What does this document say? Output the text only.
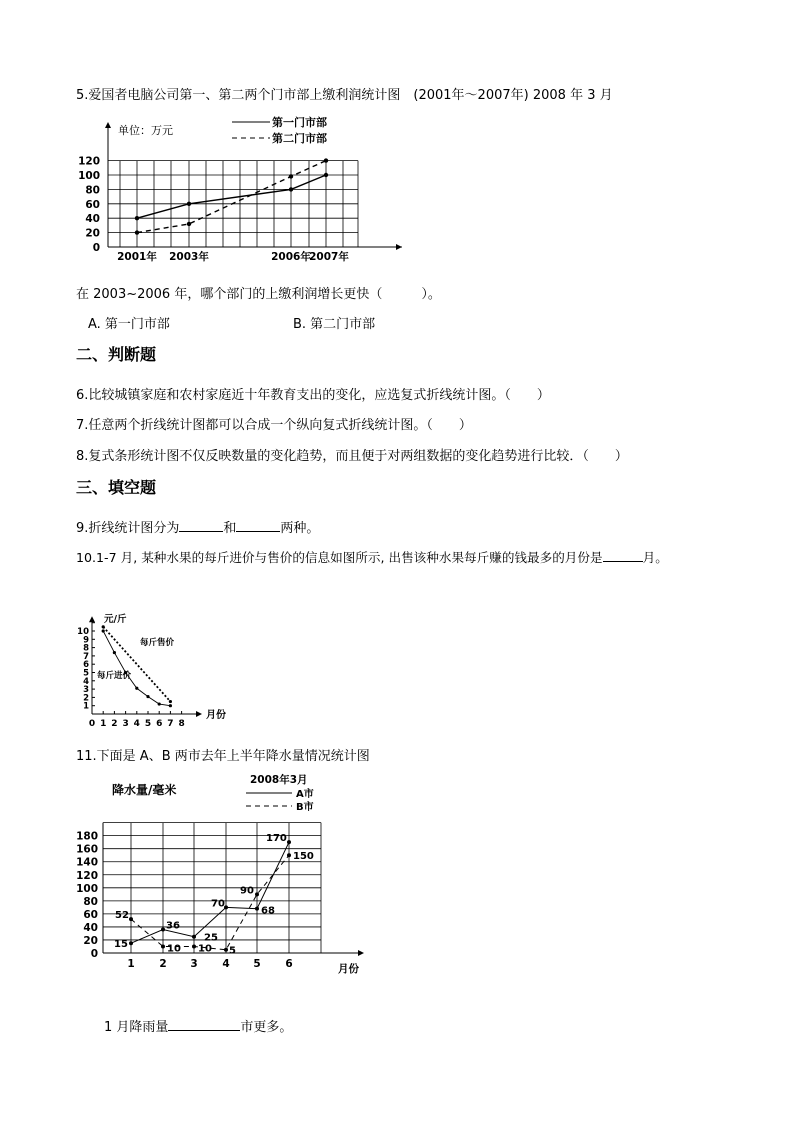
5.爱国者电脑公司第一、第二两个门市部上缴利润统计图　(2001年～2007年) 2008 年 3 月
0
20
40
60
80
100
120
单位：万元
2001年 2003年	2006年
2007年
第一门市部
第二门市部
元/斤
月份
1
2
3
4
5
6
7
8
9
10
0 1 2 3 4 5 6 7 8
每斤售价
每斤进价
0
20
40
60
80
100
120
140
160
180
降水量/毫米
月份
2008年3月
1 2 3 4 5 6
15
36
25
70
68
170
A市
52
10 10 5
90
150
B市
在 2003~2006 年，哪个部门的上缴利润增长更快（　　　）。
A. 第一门市部	B. 第二门市部
二、判断题
6.比较城镇家庭和农村家庭近十年教育支出的变化，应选复式折线统计图。（　　）
7.任意两个折线统计图都可以合成一个纵向复式折线统计图。（　　）
8.复式条形统计图不仅反映数量的变化趋势，而且便于对两组数据的变化趋势进行比较．（　　）
三、填空题
9.折线统计图分为	和	两种。
10.1-7 月, 某种水果的每斤进价与售价的信息如图所示, 出售该种水果每斤赚的钱最多的月份是	月。
11.下面是 A、B 两市去年上半年降水量情况统计图
1 月降雨量	市更多。
